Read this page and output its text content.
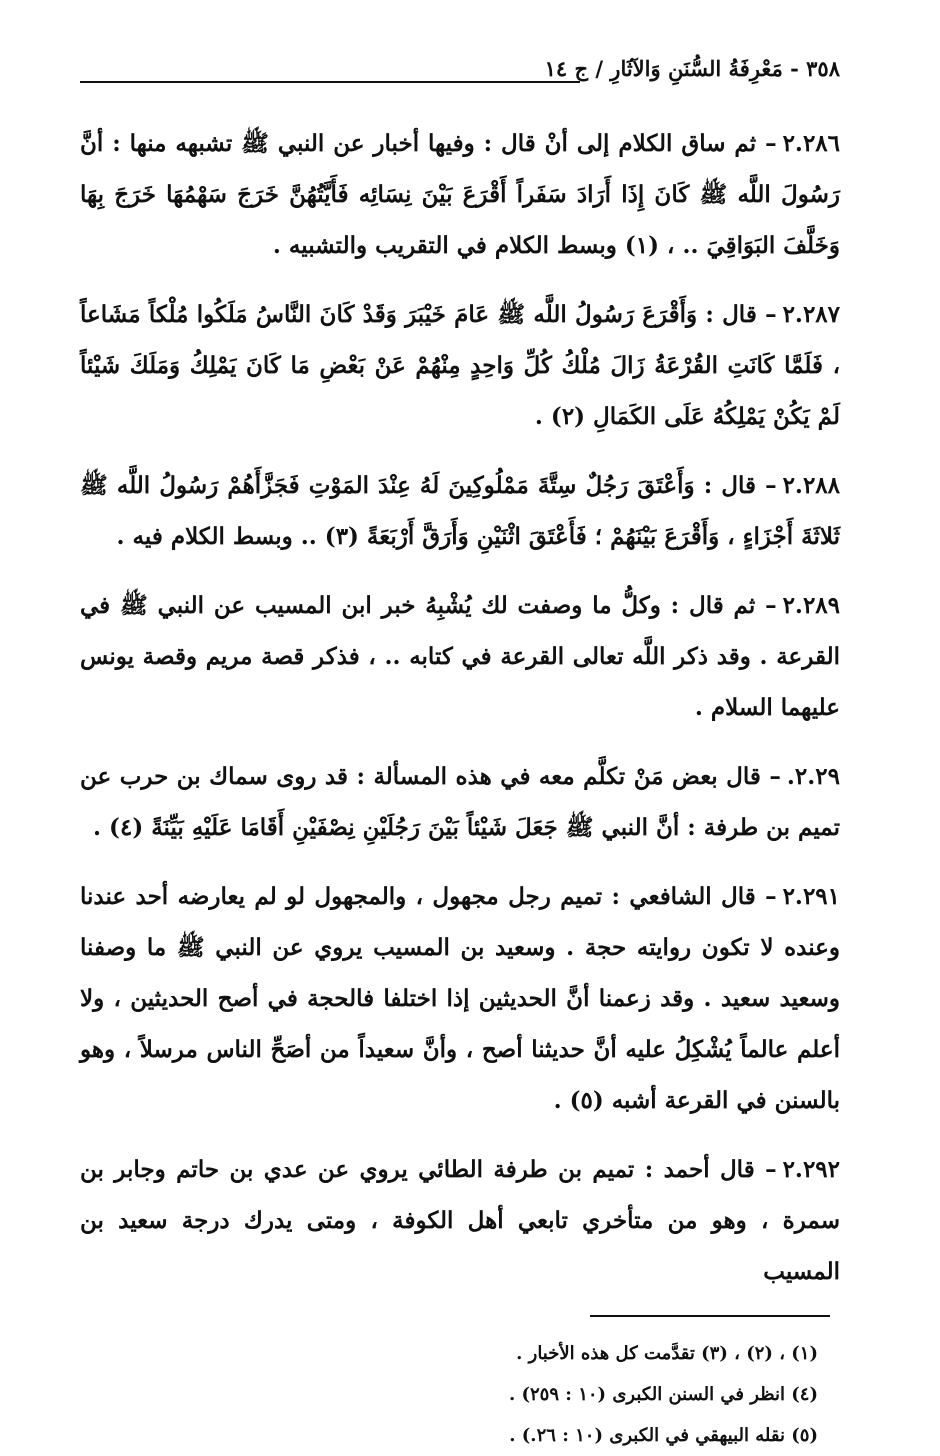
٣٥٨ - مَعْرِفَةُ السُّنَنِ وَالآثَارِ / ج ١٤

٢.٢٨٦– ثم ساق الكلام إلى أنْ قال : وفيها أخبار عن النبي ﷺ تشبهه منها : أنَّ رَسُولَ اللَّه ﷺ كَانَ إِذَا أَرَادَ سَفَراً أَقْرَعَ بَيْنَ نِسَائِه فَأَيَّتُهُنَّ خَرَجَ سَهْمُهَا خَرَجَ بِهَا وَخَلَّفَ البَوَاقِيَ .. ، (١) وبسط الكلام في التقريب والتشبيه .

٢.٢٨٧– قال : وَأَقْرَعَ رَسُولُ اللَّه ﷺ عَامَ خَيْبَرَ وَقَدْ كَانَ النَّاسُ مَلَكُوا مُلْكاً مَشَاعاً ، فَلَمَّا كَانَتِ القُرْعَةُ زَالَ مُلْكُ كُلِّ وَاحِدٍ مِنْهُمْ عَنْ بَعْضِ مَا كَانَ يَمْلِكُ وَمَلَكَ شَيْئاً لَمْ يَكُنْ يَمْلِكُهُ عَلَى الكَمَالِ (٢) .

٢.٢٨٨– قال : وَأَعْتَقَ رَجُلٌ سِتَّةَ مَمْلُوكِينَ لَهُ عِنْدَ المَوْتِ فَجَزَّأَهُمْ رَسُولُ اللَّه ﷺ ثَلاثَةَ أَجْزَاءٍ ، وَأَقْرَعَ بَيْنَهُمْ ؛ فَأَعْتَقَ اثْنَيْنِ وَأَرَقَّ أَرْبَعَةً (٣) .. وبسط الكلام فيه .

٢.٢٨٩– ثم قال : وكلُّ ما وصفت لك يُشْبِهُ خبر ابن المسيب عن النبي ﷺ في القرعة . وقد ذكر اللَّه تعالى القرعة في كتابه .. ، فذكر قصة مريم وقصة يونس عليهما السلام .

٢.٢٩.– قال بعض مَنْ تكلَّم معه في هذه المسألة : قد روى سماك بن حرب عن تميم بن طرفة : أنَّ النبي ﷺ جَعَلَ شَيْئاً بَيْنَ رَجُلَيْنِ نِصْفَيْنِ أَقَامَا عَلَيْهِ بَيِّنَةً (٤) .

٢.٢٩١– قال الشافعي : تميم رجل مجهول ، والمجهول لو لم يعارضه أحد عندنا وعنده لا تكون روايته حجة . وسعيد بن المسيب يروي عن النبي ﷺ ما وصفنا وسعيد سعيد . وقد زعمنا أنَّ الحديثين إذا اختلفا فالحجة في أصح الحديثين ، ولا أعلم عالماً يُشْكِلُ عليه أنَّ حديثنا أصح ، وأنَّ سعيداً من أصَحِّ الناس مرسلاً ، وهو بالسنن في القرعة أشبه (٥) .

٢.٢٩٢– قال أحمد : تميم بن طرفة الطائي يروي عن عدي بن حاتم وجابر بن سمرة ، وهو من متأخري تابعي أهل الكوفة ، ومتى يدرك درجة سعيد بن المسيب

(١) ، (٢) ، (٣) تقدَّمت كل هذه الأخبار .
(٤) انظر في السنن الكبرى (١٠ : ٢٥٩) .
(٥) نقله البيهقي في الكبرى (١٠ : ٢٦.) .
